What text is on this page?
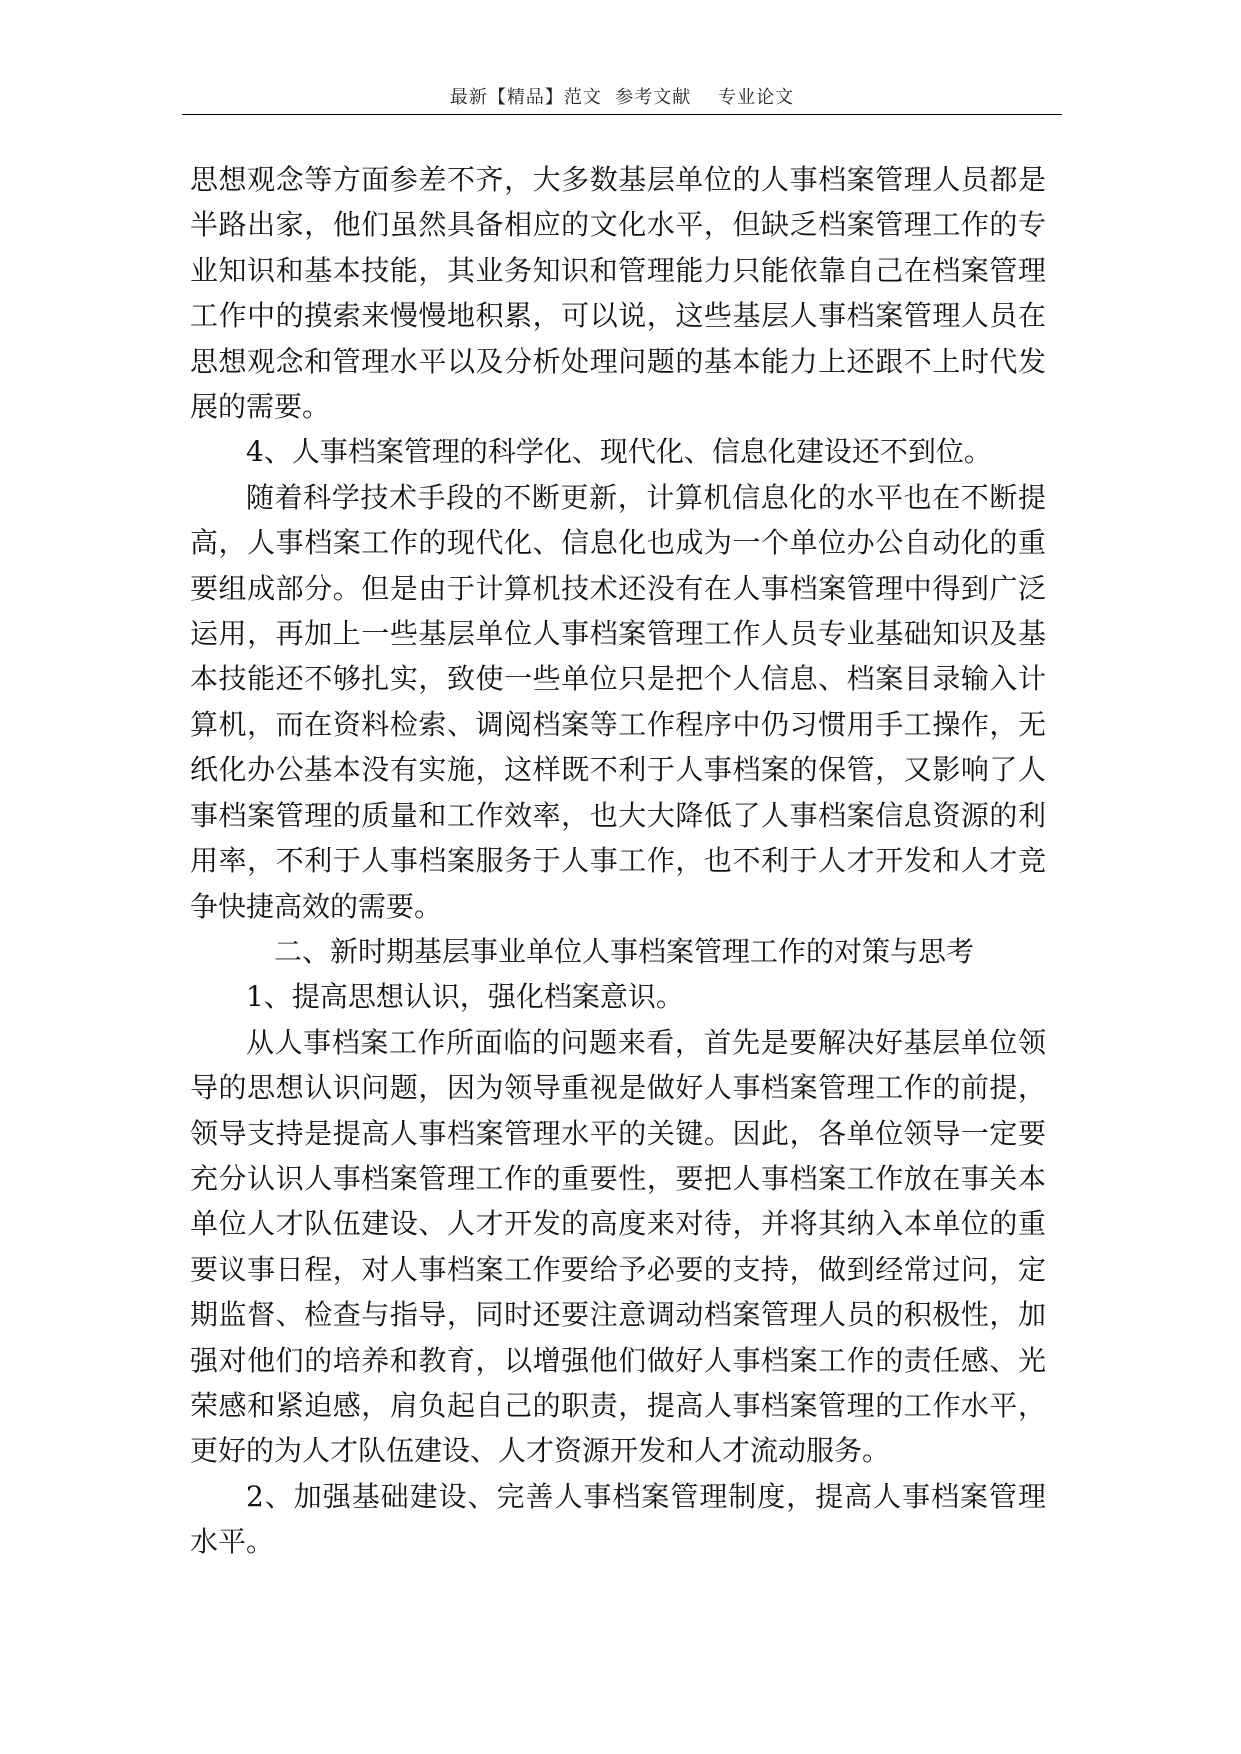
最新【精品】范文  参考文献    专业论文

思想观念等方面参差不齐，大多数基层单位的人事档案管理人员都是半路出家，他们虽然具备相应的文化水平，但缺乏档案管理工作的专业知识和基本技能，其业务知识和管理能力只能依靠自己在档案管理工作中的摸索来慢慢地积累，可以说，这些基层人事档案管理人员在思想观念和管理水平以及分析处理问题的基本能力上还跟不上时代发展的需要。

4、人事档案管理的科学化、现代化、信息化建设还不到位。

随着科学技术手段的不断更新，计算机信息化的水平也在不断提高，人事档案工作的现代化、信息化也成为一个单位办公自动化的重要组成部分。但是由于计算机技术还没有在人事档案管理中得到广泛运用，再加上一些基层单位人事档案管理工作人员专业基础知识及基本技能还不够扎实，致使一些单位只是把个人信息、档案目录输入计算机，而在资料检索、调阅档案等工作程序中仍习惯用手工操作，无纸化办公基本没有实施，这样既不利于人事档案的保管，又影响了人事档案管理的质量和工作效率，也大大降低了人事档案信息资源的利用率，不利于人事档案服务于人事工作，也不利于人才开发和人才竞争快捷高效的需要。

二、新时期基层事业单位人事档案管理工作的对策与思考

1、提高思想认识，强化档案意识。

从人事档案工作所面临的问题来看，首先是要解决好基层单位领导的思想认识问题，因为领导重视是做好人事档案管理工作的前提，领导支持是提高人事档案管理水平的关键。因此，各单位领导一定要充分认识人事档案管理工作的重要性，要把人事档案工作放在事关本单位人才队伍建设、人才开发的高度来对待，并将其纳入本单位的重要议事日程，对人事档案工作要给予必要的支持，做到经常过问，定期监督、检查与指导，同时还要注意调动档案管理人员的积极性，加强对他们的培养和教育，以增强他们做好人事档案工作的责任感、光荣感和紧迫感，肩负起自己的职责，提高人事档案管理的工作水平，更好的为人才队伍建设、人才资源开发和人才流动服务。

2、加强基础建设、完善人事档案管理制度，提高人事档案管理水平。
